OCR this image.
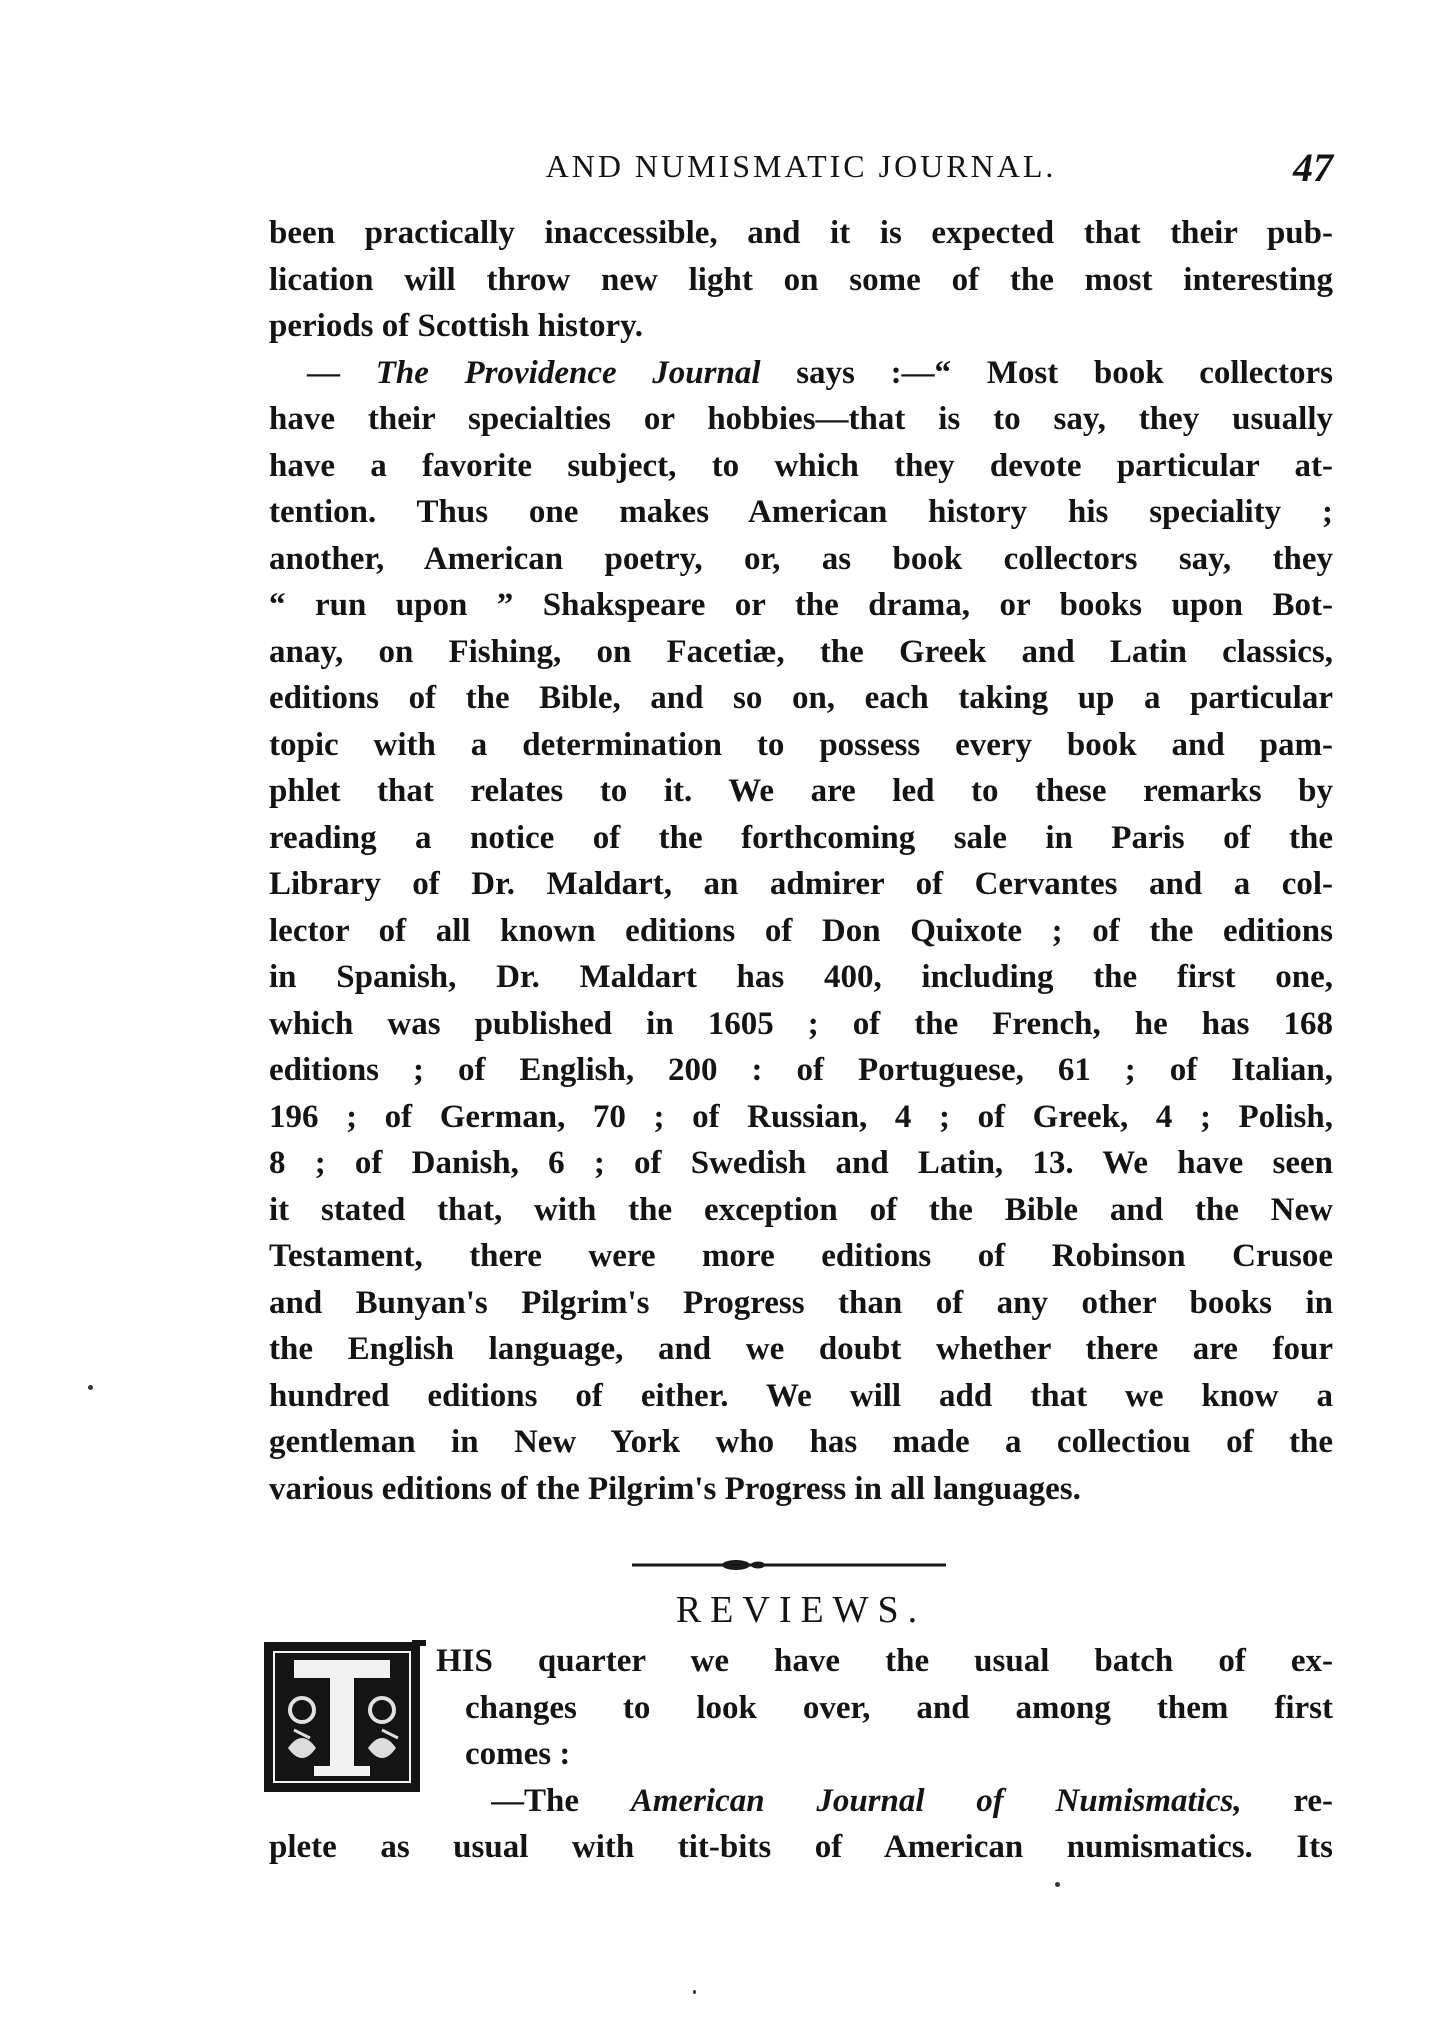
AND NUMISMATIC JOURNAL.	47
been practically inaccessible, and it is expected that their pub-
lication will throw new light on some of the most interesting
periods of Scottish history.
— The Providence Journal says :—“ Most book collectors
have their specialties or hobbies—that is to say, they usually
have a favorite subject, to which they devote particular at-
tention. Thus one makes American history his speciality ;
another, American poetry, or, as book collectors say, they
“ run upon ” Shakspeare or the drama, or books upon Bot-
anay, on Fishing, on Facetiæ, the Greek and Latin classics,
editions of the Bible, and so on, each taking up a particular
topic with a determination to possess every book and pam-
phlet that relates to it. We are led to these remarks by
reading a notice of the forthcoming sale in Paris of the
Library of Dr. Maldart, an admirer of Cervantes and a col-
lector of all known editions of Don Quixote ; of the editions
in Spanish, Dr. Maldart has 400, including the first one,
which was published in 1605 ; of the French, he has 168
editions ; of English, 200 : of Portuguese, 61 ; of Italian,
196 ; of German, 70 ; of Russian, 4 ; of Greek, 4 ; Polish,
8 ; of Danish, 6 ; of Swedish and Latin, 13. We have seen
it stated that, with the exception of the Bible and the New
Testament, there were more editions of Robinson Crusoe
and Bunyan's Pilgrim's Progress than of any other books in
the English language, and we doubt whether there are four
hundred editions of either. We will add that we know a
gentleman in New York who has made a collectiou of the
various editions of the Pilgrim's Progress in all languages.
REVIEWS.
HIS quarter we have the usual batch of ex-
changes to look over, and among them first
comes :
—The American Journal of Numismatics, re-
plete as usual with tit-bits of American numismatics. Its
